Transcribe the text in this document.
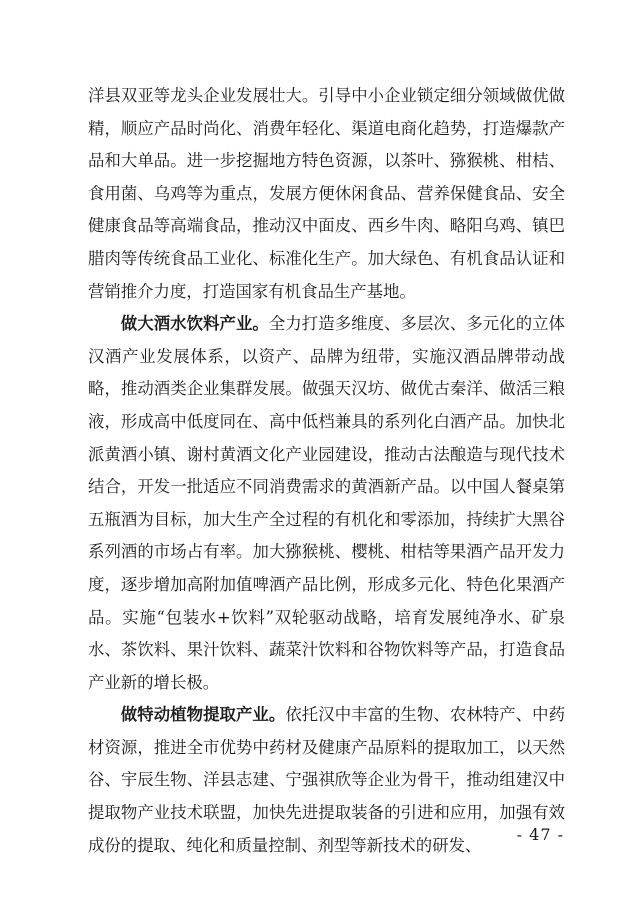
洋县双亚等龙头企业发展壮大。引导中小企业锁定细分领域做优做精，顺应产品时尚化、消费年轻化、渠道电商化趋势，打造爆款产品和大单品。进一步挖掘地方特色资源，以茶叶、猕猴桃、柑桔、食用菌、乌鸡等为重点，发展方便休闲食品、营养保健食品、安全健康食品等高端食品，推动汉中面皮、西乡牛肉、略阳乌鸡、镇巴腊肉等传统食品工业化、标准化生产。加大绿色、有机食品认证和营销推介力度，打造国家有机食品生产基地。

做大酒水饮料产业。全力打造多维度、多层次、多元化的立体汉酒产业发展体系，以资产、品牌为纽带，实施汉酒品牌带动战略，推动酒类企业集群发展。做强天汉坊、做优古秦洋、做活三粮液，形成高中低度同在、高中低档兼具的系列化白酒产品。加快北派黄酒小镇、谢村黄酒文化产业园建设，推动古法酿造与现代技术结合，开发一批适应不同消费需求的黄酒新产品。以中国人餐桌第五瓶酒为目标，加大生产全过程的有机化和零添加，持续扩大黑谷系列酒的市场占有率。加大猕猴桃、樱桃、柑桔等果酒产品开发力度，逐步增加高附加值啤酒产品比例，形成多元化、特色化果酒产品。实施“包装水+饮料”双轮驱动战略，培育发展纯净水、矿泉水、茶饮料、果汁饮料、蔬菜汁饮料和谷物饮料等产品，打造食品产业新的增长极。

做特动植物提取产业。依托汉中丰富的生物、农林特产、中药材资源，推进全市优势中药材及健康产品原料的提取加工，以天然谷、宇辰生物、洋县志建、宁强祺欣等企业为骨干，推动组建汉中提取物产业技术联盟，加快先进提取装备的引进和应用，加强有效成份的提取、纯化和质量控制、剂型等新技术的研发、

- 47 -
